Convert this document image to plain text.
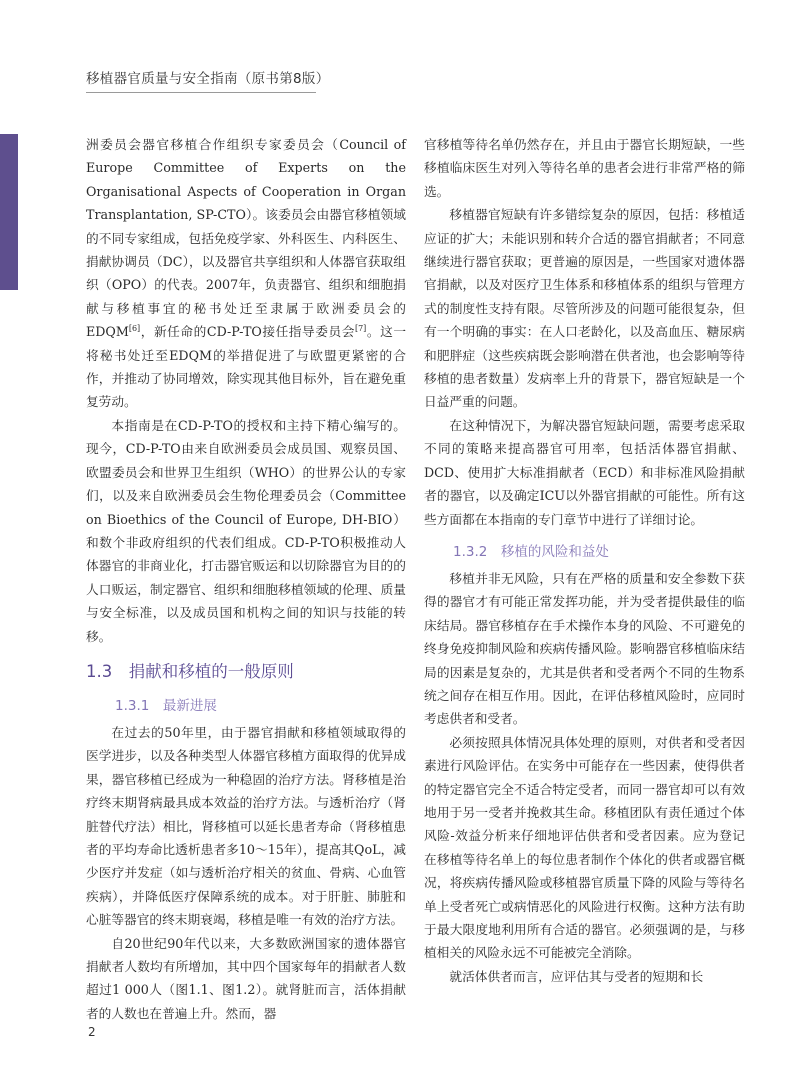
移植器官质量与安全指南（原书第8版）

洲委员会器官移植合作组织专家委员会（Council of Europe Committee of Experts on the Organisational Aspects of Cooperation in Organ Transplantation, SP-CTO）。该委员会由器官移植领域的不同专家组成，包括免疫学家、外科医生、内科医生、捐献协调员（DC），以及器官共享组织和人体器官获取组织（OPO）的代表。2007年，负责器官、组织和细胞捐献与移植事宜的秘书处迁至隶属于欧洲委员会的EDQM[6]，新任命的CD-P-TO接任指导委员会[7]。这一将秘书处迁至EDQM的举措促进了与欧盟更紧密的合作，并推动了协同增效，除实现其他目标外，旨在避免重复劳动。

本指南是在CD-P-TO的授权和主持下精心编写的。现今，CD-P-TO由来自欧洲委员会成员国、观察员国、欧盟委员会和世界卫生组织（WHO）的世界公认的专家们，以及来自欧洲委员会生物伦理委员会（Committee on Bioethics of the Council of Europe, DH-BIO）和数个非政府组织的代表们组成。CD-P-TO积极推动人体器官的非商业化，打击器官贩运和以切除器官为目的的人口贩运，制定器官、组织和细胞移植领域的伦理、质量与安全标准，以及成员国和机构之间的知识与技能的转移。

1.3　捐献和移植的一般原则
1.3.1　最新进展

在过去的50年里，由于器官捐献和移植领域取得的医学进步，以及各种类型人体器官移植方面取得的优异成果，器官移植已经成为一种稳固的治疗方法。肾移植是治疗终末期肾病最具成本效益的治疗方法。与透析治疗（肾脏替代疗法）相比，肾移植可以延长患者寿命（肾移植患者的平均寿命比透析患者多10～15年），提高其QoL，减少医疗并发症（如与透析治疗相关的贫血、骨病、心血管疾病），并降低医疗保障系统的成本。对于肝脏、肺脏和心脏等器官的终末期衰竭，移植是唯一有效的治疗方法。

自20世纪90年代以来，大多数欧洲国家的遗体器官捐献者人数均有所增加，其中四个国家每年的捐献者人数超过1 000人（图1.1、图1.2）。就肾脏而言，活体捐献者的人数也在普遍上升。然而，器

官移植等待名单仍然存在，并且由于器官长期短缺，一些移植临床医生对列入等待名单的患者会进行非常严格的筛选。

移植器官短缺有许多错综复杂的原因，包括：移植适应证的扩大；未能识别和转介合适的器官捐献者；不同意继续进行器官获取；更普遍的原因是，一些国家对遗体器官捐献，以及对医疗卫生体系和移植体系的组织与管理方式的制度性支持有限。尽管所涉及的问题可能很复杂，但有一个明确的事实：在人口老龄化，以及高血压、糖尿病和肥胖症（这些疾病既会影响潜在供者池，也会影响等待移植的患者数量）发病率上升的背景下，器官短缺是一个日益严重的问题。

在这种情况下，为解决器官短缺问题，需要考虑采取不同的策略来提高器官可用率，包括活体器官捐献、DCD、使用扩大标准捐献者（ECD）和非标准风险捐献者的器官，以及确定ICU以外器官捐献的可能性。所有这些方面都在本指南的专门章节中进行了详细讨论。

1.3.2　移植的风险和益处

移植并非无风险，只有在严格的质量和安全参数下获得的器官才有可能正常发挥功能，并为受者提供最佳的临床结局。器官移植存在手术操作本身的风险、不可避免的终身免疫抑制风险和疾病传播风险。影响器官移植临床结局的因素是复杂的，尤其是供者和受者两个不同的生物系统之间存在相互作用。因此，在评估移植风险时，应同时考虑供者和受者。

必须按照具体情况具体处理的原则，对供者和受者因素进行风险评估。在实务中可能存在一些因素，使得供者的特定器官完全不适合特定受者，而同一器官却可以有效地用于另一受者并挽救其生命。移植团队有责任通过个体风险-效益分析来仔细地评估供者和受者因素。应为登记在移植等待名单上的每位患者制作个体化的供者或器官概况，将疾病传播风险或移植器官质量下降的风险与等待名单上受者死亡或病情恶化的风险进行权衡。这种方法有助于最大限度地利用所有合适的器官。必须强调的是，与移植相关的风险永远不可能被完全消除。

就活体供者而言，应评估其与受者的短期和长

2
